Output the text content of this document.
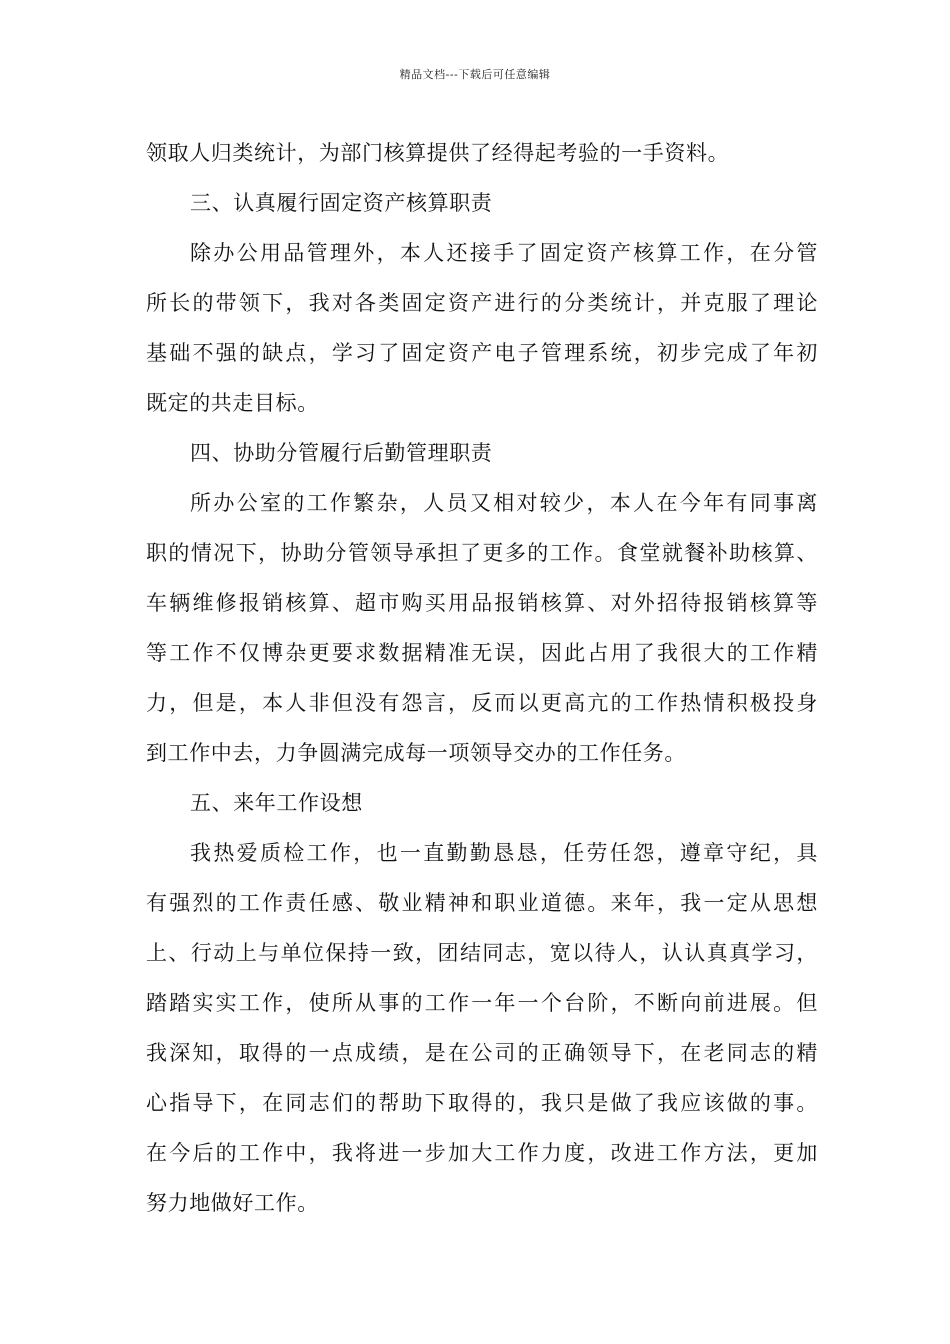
精品文档---下载后可任意编辑
领取人归类统计，为部门核算提供了经得起考验的一手资料。
三、认真履行固定资产核算职责
除办公用品管理外，本人还接手了固定资产核算工作，在分管
所长的带领下，我对各类固定资产进行的分类统计，并克服了理论
基础不强的缺点，学习了固定资产电子管理系统，初步完成了年初
既定的共走目标。
四、协助分管履行后勤管理职责
所办公室的工作繁杂，人员又相对较少，本人在今年有同事离
职的情况下，协助分管领导承担了更多的工作。食堂就餐补助核算、
车辆维修报销核算、超市购买用品报销核算、对外招待报销核算等
等工作不仅博杂更要求数据精准无误，因此占用了我很大的工作精
力，但是，本人非但没有怨言，反而以更高亢的工作热情积极投身
到工作中去，力争圆满完成每一项领导交办的工作任务。
五、来年工作设想
我热爱质检工作，也一直勤勤恳恳，任劳任怨，遵章守纪，具
有强烈的工作责任感、敬业精神和职业道德。来年，我一定从思想
上、行动上与单位保持一致，团结同志，宽以待人，认认真真学习，
踏踏实实工作，使所从事的工作一年一个台阶，不断向前进展。但
我深知，取得的一点成绩，是在公司的正确领导下，在老同志的精
心指导下，在同志们的帮助下取得的，我只是做了我应该做的事。
在今后的工作中，我将进一步加大工作力度，改进工作方法，更加
努力地做好工作。
